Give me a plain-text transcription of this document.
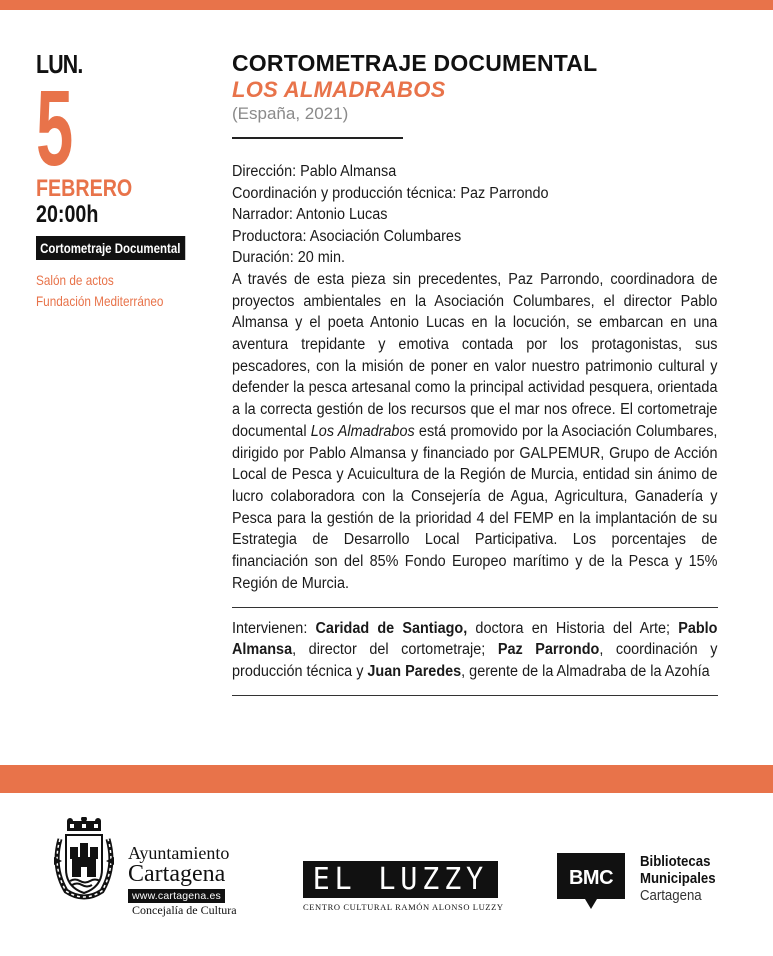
LUN.
5
FEBRERO
20:00h
Cortometraje Documental
Salón de actos
Fundación Mediterráneo
CORTOMETRAJE DOCUMENTAL
LOS ALMADRABOS
(España, 2021)
Dirección: Pablo Almansa
Coordinación y producción técnica: Paz Parrondo
Narrador: Antonio Lucas
Productora: Asociación Columbares
Duración: 20 min.

A través de esta pieza sin precedentes, Paz Parrondo, coordinadora de proyectos ambientales en la Asociación Columbares, el director Pablo Almansa y el poeta Antonio Lucas en la locución, se embarcan en una aventura trepidante y emotiva contada por los protagonistas, sus pescadores, con la misión de poner en valor nuestro patrimonio cultural y defender la pesca artesanal como la principal actividad pesquera, orientada a la correcta gestión de los recursos que el mar nos ofrece. El cortometraje documental Los Almadrabos está promovido por la Asociación Columbares, dirigido por Pablo Almansa y financiado por GALPEMUR, Grupo de Acción Local de Pesca y Acuicultura de la Región de Murcia, entidad sin ánimo de lucro colaboradora con la Consejería de Agua, Agricultura, Ganadería y Pesca para la gestión de la prioridad 4 del FEMP en la implantación de su Estrategia de Desarrollo Local Participativa. Los porcentajes de financiación son del 85% Fondo Europeo marítimo y de la Pesca y 15% Región de Murcia.

Intervienen: Caridad de Santiago, doctora en Historia del Arte; Pablo Almansa, director del cortometraje; Paz Parrondo, coordinación y producción técnica y Juan Paredes, gerente de la Almadraba de la Azohía

Ayuntamiento
Cartagena
www.cartagena.es
Concejalía de Cultura
EL LUZZY
CENTRO CULTURAL RAMÓN ALONSO LUZZY
BMC
Bibliotecas
Municipales
Cartagena
